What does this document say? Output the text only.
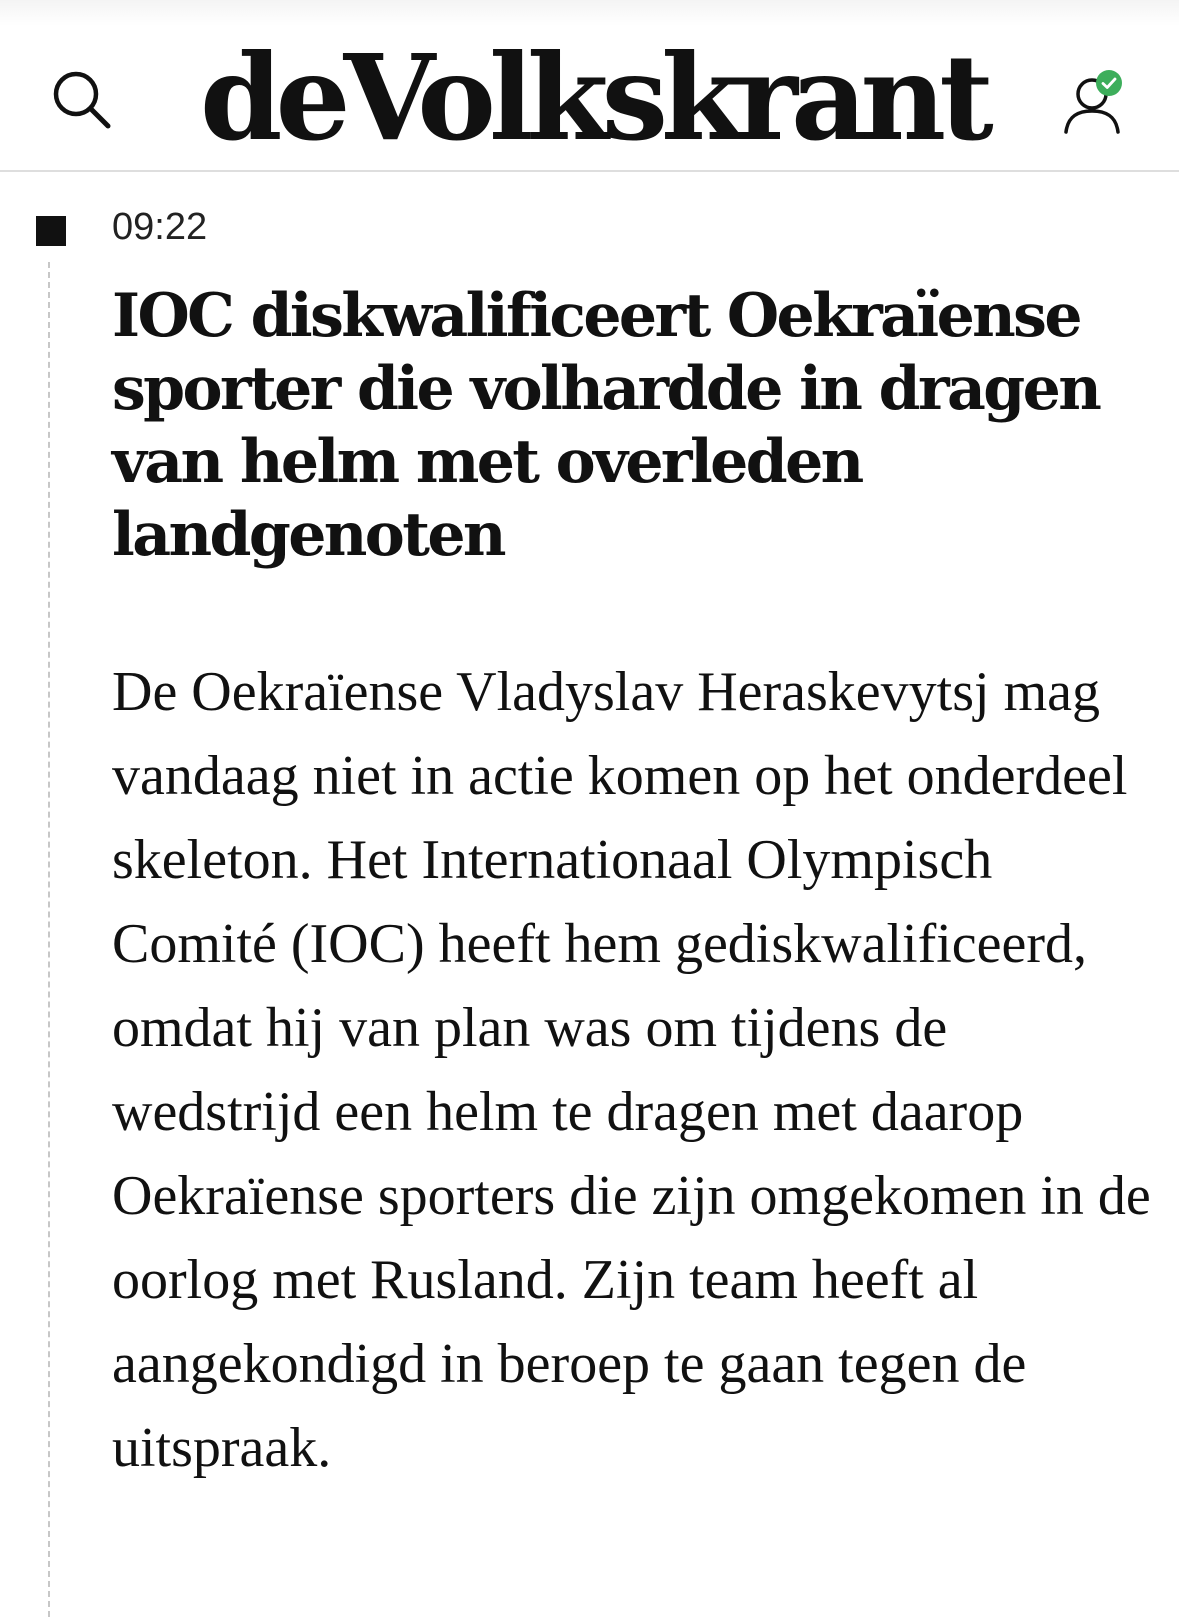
deVolkskrant
09:22
IOC diskwalificeert Oekraïense sporter die volhardde in dragen van helm met overleden landgenoten

De Oekraïense Vladyslav Heraskevytsj mag vandaag niet in actie komen op het onderdeel skeleton. Het Internationaal Olympisch Comité (IOC) heeft hem gediskwalificeerd, omdat hij van plan was om tijdens de wedstrijd een helm te dragen met daarop Oekraïense sporters die zijn omgekomen in de oorlog met Rusland. Zijn team heeft al aangekondigd in beroep te gaan tegen de uitspraak.
